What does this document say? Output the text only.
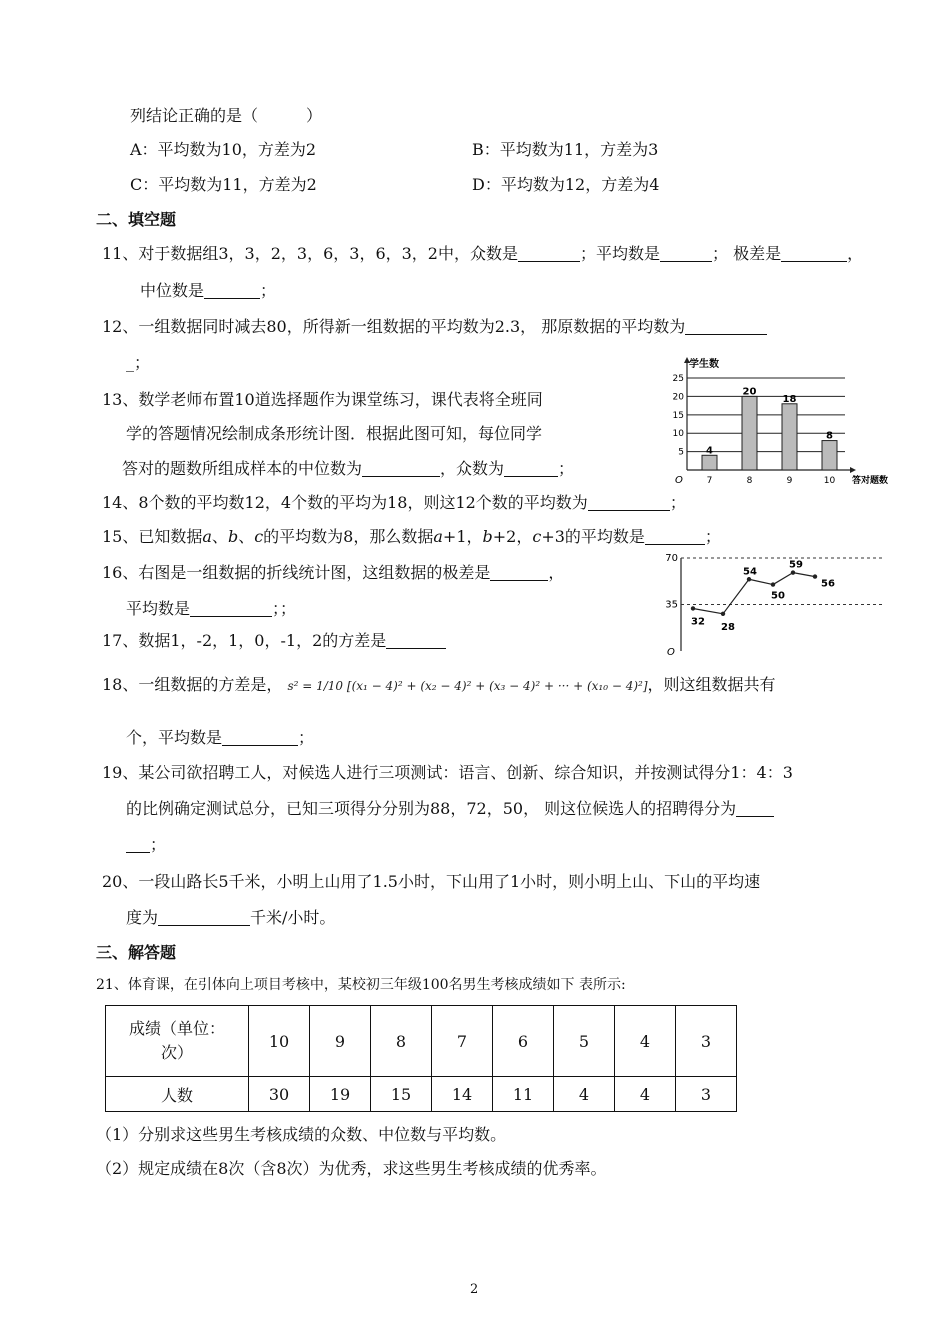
列结论正确的是（　　　）
A：平均数为10，方差为2	B：平均数为11，方差为3
C：平均数为11，方差为2	D：平均数为12，方差为4
二、填空题
11、对于数据组3，3，2，3，6，3，6，3，2中，众数是	；平均数是	； 极差是	，
中位数是	；
12、一组数据同时减去80，所得新一组数据的平均数为2.3， 那原数据的平均数为
_；
13、数学老师布置10道选择题作为课堂练习，课代表将全班同
学的答题情况绘制成条形统计图．根据此图可知，每位同学
答对的题数所组成样本的中位数为	，众数为	；
5
10
15
20
25
学生数
答对题数
O
4
7
20
8
18
9
8
10
14、8个数的平均数12，4个数的平均为18，则这12个数的平均数为	；
15、已知数据a、b、c的平均数为8，那么数据a+1，b+2，c+3的平均数是	；
16、右图是一组数据的折线统计图，这组数据的极差是	，
平均数是	；；	35
70
O
32 28
54
50
59
56
17、数据1，-2，1，0，-1，2的方差是
18、一组数据的方差是， s² = 1/10 [(x₁ − 4)² + (x₂ − 4)² + (x₃ − 4)² + ··· + (x₁₀ − 4)²]，则这组数据共有
个，平均数是	；
19、某公司欲招聘工人，对候选人进行三项测试：语言、创新、综合知识，并按测试得分1：4：3
的比例确定测试总分，已知三项得分分别为88，72，50， 则这位候选人的招聘得分为
；
20、一段山路长5千米，小明上山用了1.5小时，下山用了1小时，则小明上山、下山的平均速
度为	千米/小时。
三、解答题
21、体育课，在引体向上项目考核中，某校初三年级100名男生考核成绩如下 表所示:
成绩（单位：
次）	10	9	8	7	6	5	4	3
人数	30	19	15	14	11	4	4	3
（1）分别求这些男生考核成绩的众数、中位数与平均数。
（2）规定成绩在8次（含8次）为优秀，求这些男生考核成绩的优秀率。
2
